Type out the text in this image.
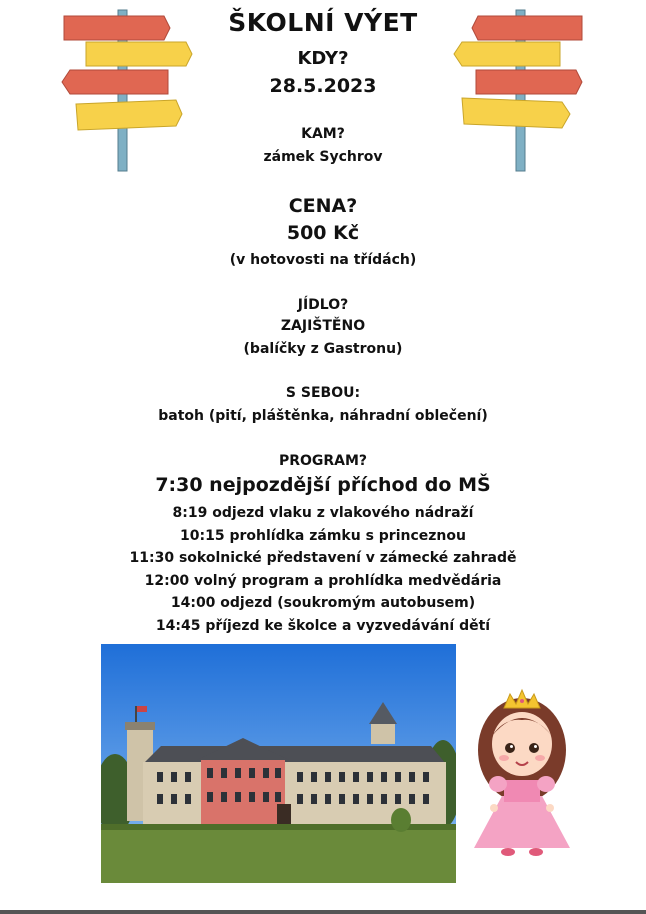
ŠKOLNÍ VÝET
KDY?
28.5.2023
KAM?
zámek Sychrov
CENA?
500 Kč
(v hotovosti na třídách)
JÍDLO?
ZAJIŠTĚNO
(balíčky z Gastronu)
S SEBOU:
batoh (pití, pláštěnka, náhradní oblečení)
PROGRAM?
7:30 nejpozdější příchod do MŠ
8:19 odjezd vlaku z vlakového nádraží
10:15 prohlídka zámku s princeznou
11:30 sokolnické představení v zámecké zahradě
12:00 volný program a prohlídka medvědária
14:00 odjezd (soukromým autobusem)
14:45 příjezd ke školce a vyzvedávání dětí
